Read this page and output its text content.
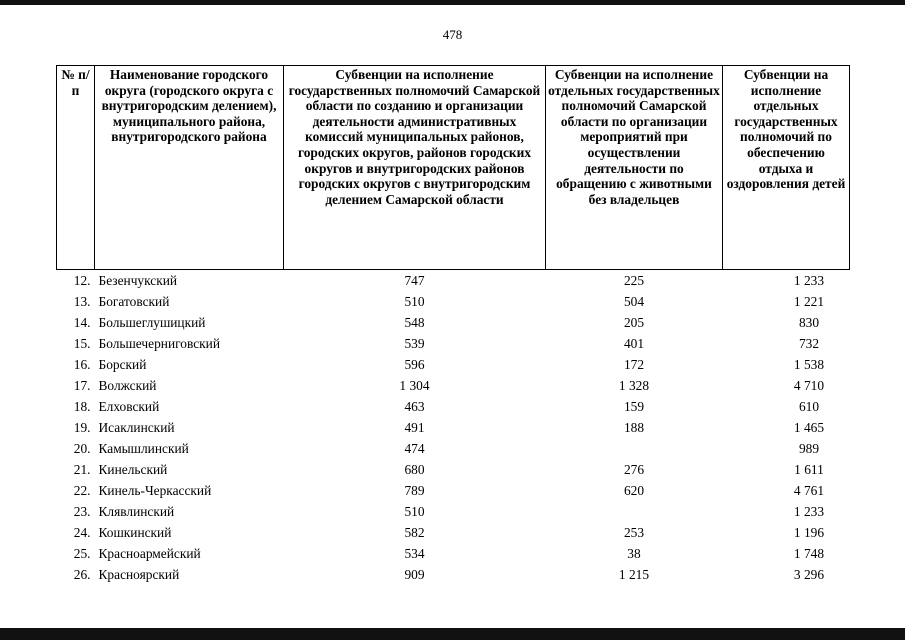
478
№ п/п	Наименование городского округа (городского округа с внутригородским делением), муниципального района, внутригородского района	Субвенции на исполнение государственных полномочий Самарской области по созданию и организации деятельности административных комиссий муниципальных районов, городских округов, районов городских округов и внутригородских районов городских округов с внутригородским делением Самарской области	Субвенции на исполнение отдельных государственных полномочий Самарской области по организации мероприятий при осуществлении деятельности по обращению с животными без владельцев	Субвенции на исполнение отдельных государственных полномочий по обеспечению отдыха и оздоровления детей
12.	Безенчукский	747	225	1 233
13.	Богатовский	510	504	1 221
14.	Большеглушицкий	548	205	830
15.	Большечерниговский	539	401	732
16.	Борский	596	172	1 538
17.	Волжский	1 304	1 328	4 710
18.	Елховский	463	159	610
19.	Исаклинский	491	188	1 465
20.	Камышлинский	474		989
21.	Кинельский	680	276	1 611
22.	Кинель-Черкасский	789	620	4 761
23.	Клявлинский	510		1 233
24.	Кошкинский	582	253	1 196
25.	Красноармейский	534	38	1 748
26.	Красноярский	909	1 215	3 296
